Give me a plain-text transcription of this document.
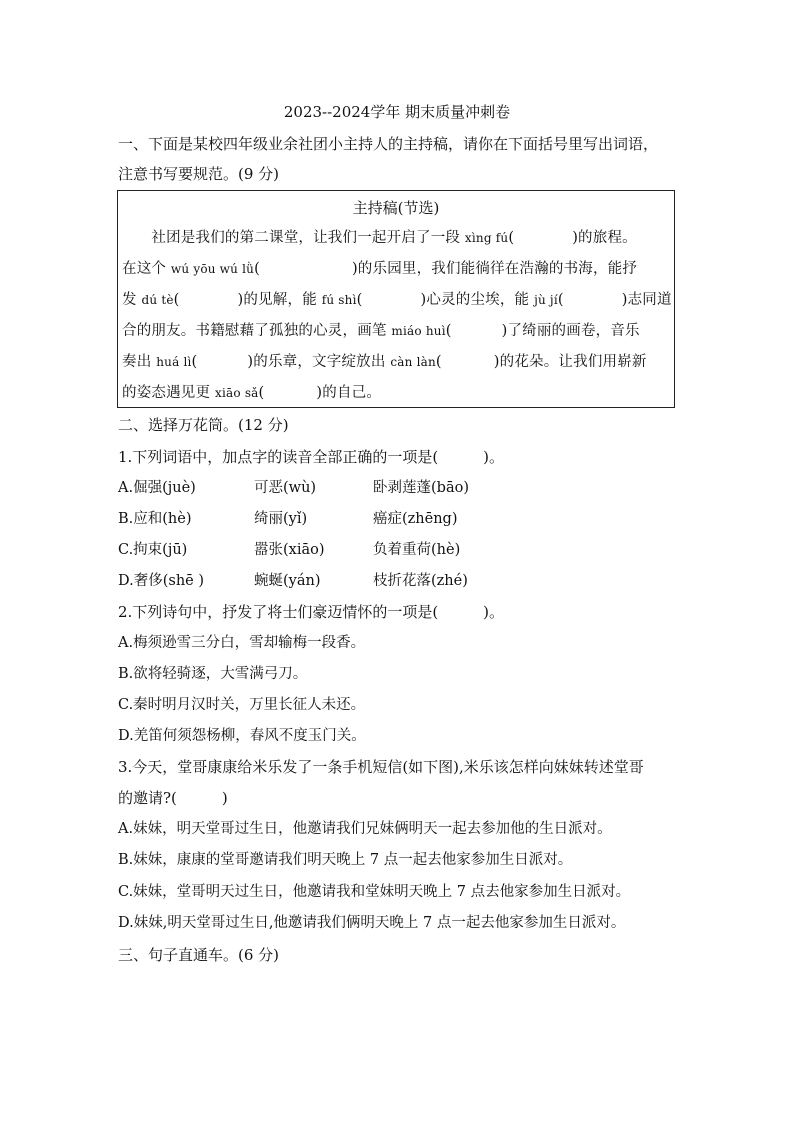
2023--2024学年 期末质量冲刺卷
一、下面是某校四年级业余社团小主持人的主持稿，请你在下面括号里写出词语，
注意书写要规范。(9 分)
主持稿(节选)
　　社团是我们的第二课堂，让我们一起开启了一段 xìng fú(	)的旅程。
在这个 wú yōu wú lǜ(	)的乐园里，我们能徜徉在浩瀚的书海，能抒
发 dú tè(	)的见解，能 fú shì(	)心灵的尘埃，能 jù jí(	)志同道
合的朋友。书籍慰藉了孤独的心灵，画笔 miáo huì(	)了绮丽的画卷，音乐
奏出 huá lì(	)的乐章，文字绽放出 càn làn(	)的花朵。让我们用崭新
的姿态遇见更 xiāo sǎ(	)的自己。
二、选择万花筒。(12 分)
1.下列词语中，加点字的读音全部正确的一项是(　　　)。
A.倔强(juè)	可恶(wù)	卧剥莲蓬(bāo)
B.应和(hè)	绮丽(yǐ)	癌症(zhēng)
C.拘束(jū)	嚣张(xiāo)	负着重荷(hè)
D.奢侈(shē )	蜿蜒(yán)	枝折花落(zhé)
2.下列诗句中，抒发了将士们豪迈情怀的一项是(　　　)。
A.梅须逊雪三分白，雪却输梅一段香。
B.欲将轻骑逐，大雪满弓刀。
C.秦时明月汉时关，万里长征人未还。
D.羌笛何须怨杨柳，春风不度玉门关。
3.今天，堂哥康康给米乐发了一条手机短信(如下图),米乐该怎样向妹妹转述堂哥
的邀请?(　　　)
A.妹妹，明天堂哥过生日，他邀请我们兄妹俩明天一起去参加他的生日派对。
B.妹妹，康康的堂哥邀请我们明天晚上 7 点一起去他家参加生日派对。
C.妹妹，堂哥明天过生日，他邀请我和堂妹明天晚上 7 点去他家参加生日派对。
D.妹妹,明天堂哥过生日,他邀请我们俩明天晚上 7 点一起去他家参加生日派对。
三、句子直通车。(6 分)
